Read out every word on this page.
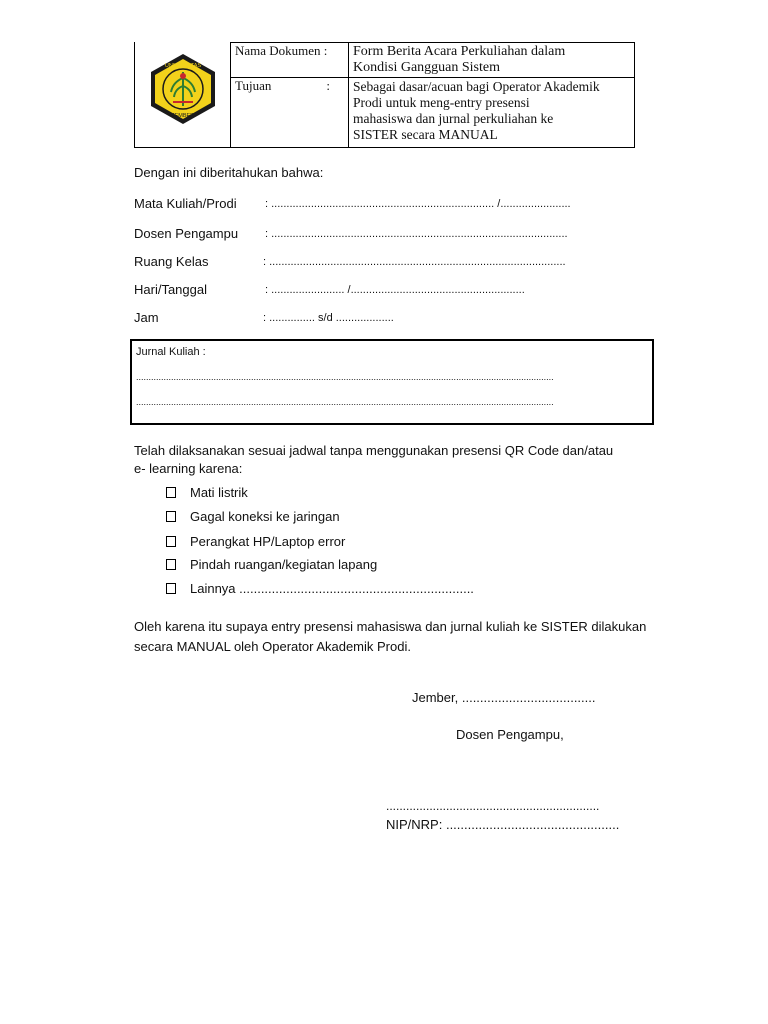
UNIVERSITAS
JEMBER
Nama Dokumen :	Form Berita Acara Perkuliahan dalam
Kondisi Gangguan Sistem
Tujuan	: Sebagai dasar/acuan bagi Operator Akademik
Prodi untuk meng-entry presensi
mahasiswa dan jurnal perkuliahan ke
SISTER secara MANUAL
Dengan ini diberitahukan bahwa:
Mata Kuliah/Prodi	: ......................................................................... /.......................
Dosen Pengampu : .................................................................................................
Ruang Kelas	: .................................................................................................
Hari/Tanggal	: ........................ /.........................................................
Jam	: ............... s/d ...................
Jurnal Kuliah :
.......................................................................................................................................................................
.......................................................................................................................................................................
Telah dilaksanakan sesuai jadwal tanpa menggunakan presensi QR Code dan/atau
e- learning karena:
Mati listrik
Gagal koneksi ke jaringan
Perangkat HP/Laptop error
Pindah ruangan/kegiatan lapang
Lainnya .................................................................
Oleh karena itu supaya entry presensi mahasiswa dan jurnal kuliah ke SISTER dilakukan
secara MANUAL oleh Operator Akademik Prodi.
Jember, .....................................
Dosen Pengampu,
................................................................
NIP/NRP: ................................................
